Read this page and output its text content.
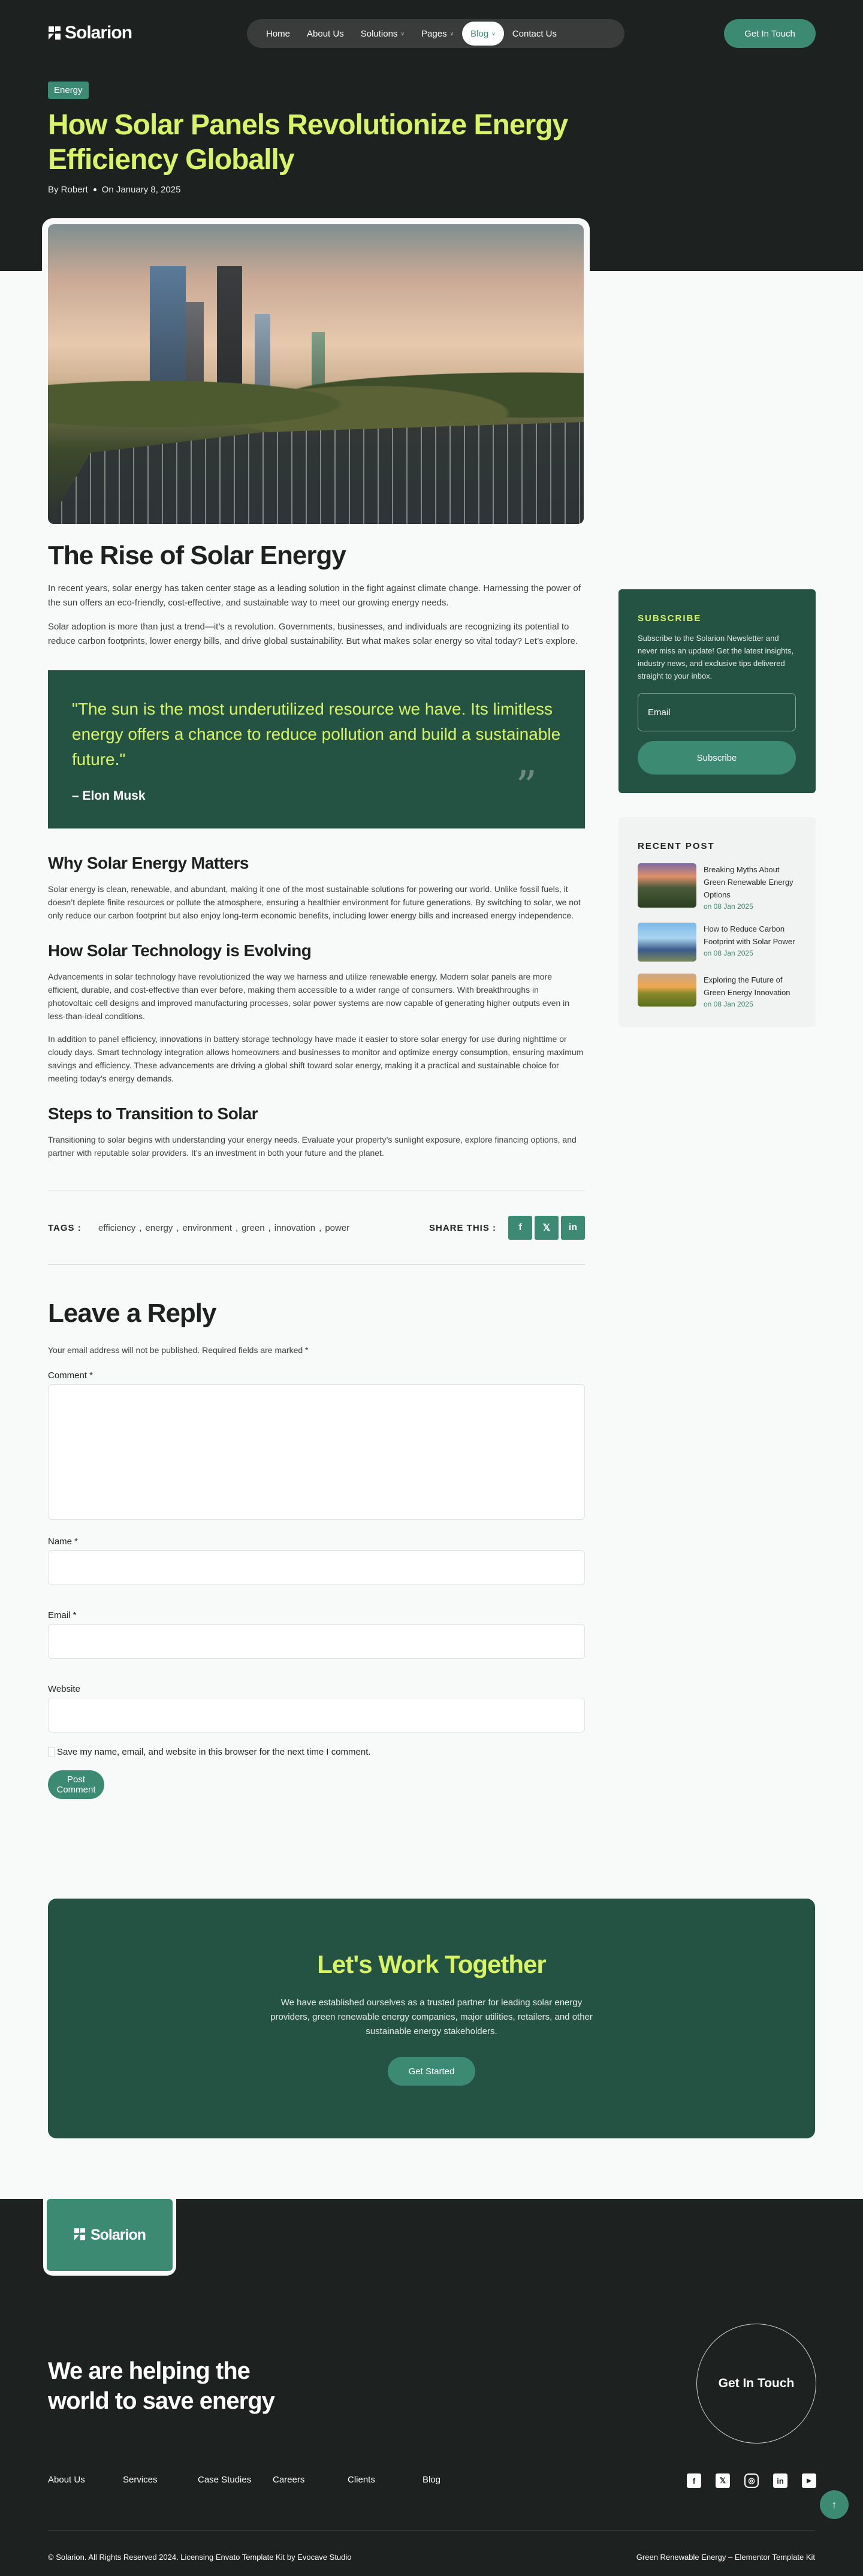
Solarion	Home About Us Solutions ∨ Pages ∨ Blog ∨ Contact Us	Get In Touch
Energy
How Solar Panels Revolutionize Energy Efficiency Globally
By Robert On January 8, 2025
The Rise of Solar Energy

In recent years, solar energy has taken center stage as a leading solution in the fight against climate change. Harnessing the power of the sun offers an eco-friendly, cost-effective, and sustainable way to meet our growing energy needs.

Solar adoption is more than just a trend—it’s a revolution. Governments, businesses, and individuals are recognizing its potential to reduce carbon footprints, lower energy bills, and drive global sustainability. But what makes solar energy so vital today? Let’s explore.

"The sun is the most underutilized resource we have. Its limitless energy offers a chance to reduce pollution and build a sustainable future."

– Elon Musk	”
Why Solar Energy Matters

Solar energy is clean, renewable, and abundant, making it one of the most sustainable solutions for powering our world. Unlike fossil fuels, it doesn’t deplete finite resources or pollute the atmosphere, ensuring a healthier environment for future generations. By switching to solar, we not only reduce our carbon footprint but also enjoy long-term economic benefits, including lower energy bills and increased energy independence.

How Solar Technology is Evolving

Advancements in solar technology have revolutionized the way we harness and utilize renewable energy. Modern solar panels are more efficient, durable, and cost-effective than ever before, making them accessible to a wider range of consumers. With breakthroughs in photovoltaic cell designs and improved manufacturing processes, solar power systems are now capable of generating higher outputs even in less-than-ideal conditions.

In addition to panel efficiency, innovations in battery storage technology have made it easier to store solar energy for use during nighttime or cloudy days. Smart technology integration allows homeowners and businesses to monitor and optimize energy consumption, ensuring maximum savings and efficiency. These advancements are driving a global shift toward solar energy, making it a practical and sustainable choice for meeting today’s energy demands.

Steps to Transition to Solar

Transitioning to solar begins with understanding your energy needs. Evaluate your property’s sunlight exposure, explore financing options, and partner with reputable solar providers. It’s an investment in both your future and the planet.

TAGS :	efficiency , energy , environment , green , innovation , power	SHARE THIS : f 𝕏 in
Leave a Reply

Your email address will not be published. Required fields are marked *

Comment *
Name *
Email *
Website
Save my name, email, and website in this browser for the next time I comment.
Post Comment
SUBSCRIBE

Subscribe to the Solarion Newsletter and never miss an update! Get the latest insights, industry news, and exclusive tips delivered straight to your inbox.

Email Subscribe
RECENT POST
Breaking Myths About Green Renewable Energy Options
on 08 Jan 2025
How to Reduce Carbon Footprint with Solar Power
on 08 Jan 2025
Exploring the Future of Green Energy Innovation
on 08 Jan 2025
Let's Work Together

We have established ourselves as a trusted partner for leading solar energy providers, green renewable energy companies, major utilities, retailers, and other sustainable energy stakeholders.

Get Started
Solarion
We are helping the world to save energy
Get In Touch
About Us	Services	Case Studies	Careers	Clients	Blog	f	𝕏	◎	in	▶
↑
© Solarion. All Rights Reserved 2024. Licensing Envato Template Kit by Evocave Studio	Green Renewable Energy – Elementor Template Kit
